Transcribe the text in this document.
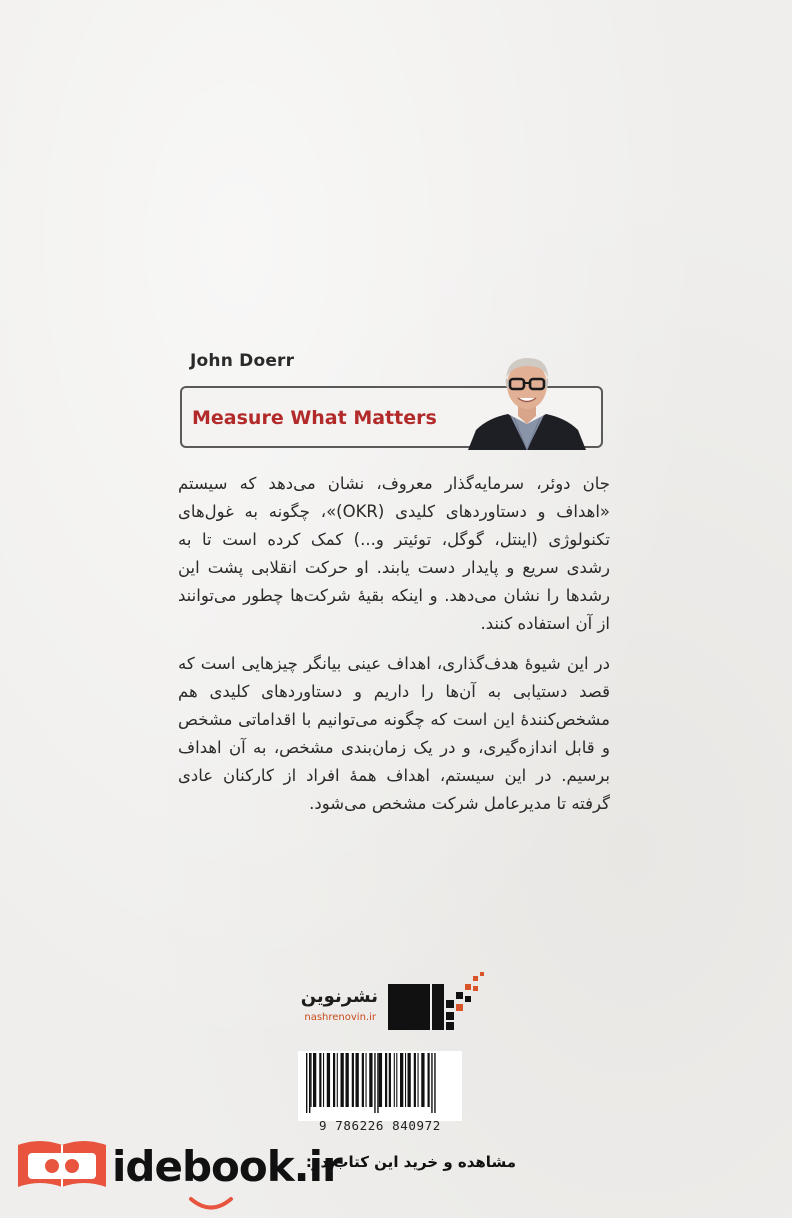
John Doerr
Measure What Matters
جان دوئر، سرمایه‌گذار معروف، نشان می‌دهد که سیستم «اهداف و دستاوردهای کلیدی (OKR)»، چگونه به غول‌های تکنولوژی (اینتل، گوگل، توئیتر و...) کمک کرده است تا به رشدی سریع و پایدار دست یابند. او حرکت انقلابی پشت این رشدها را نشان می‌دهد. و اینکه بقیهٔ شرکت‌ها چطور می‌توانند از آن استفاده کنند.
در این شیوهٔ هدف‌گذاری، اهداف عینی بیانگر چیزهایی است که قصد دستیابی به آن‌ها را داریم و دستاوردهای کلیدی هم مشخص‌کنندهٔ این است که چگونه می‌توانیم با اقداماتی مشخص و قابل اندازه‌گیری، و در یک زمان‌بندی مشخص، به آن اهداف برسیم. در این سیستم، اهداف همهٔ افراد از کارکنان عادی گرفته تا مدیرعامل شرکت مشخص می‌شود.
نشرنوین
nashrenovin.ir
9 786226 840972
idebook.ir
مشاهده و خرید این کتاب در:
